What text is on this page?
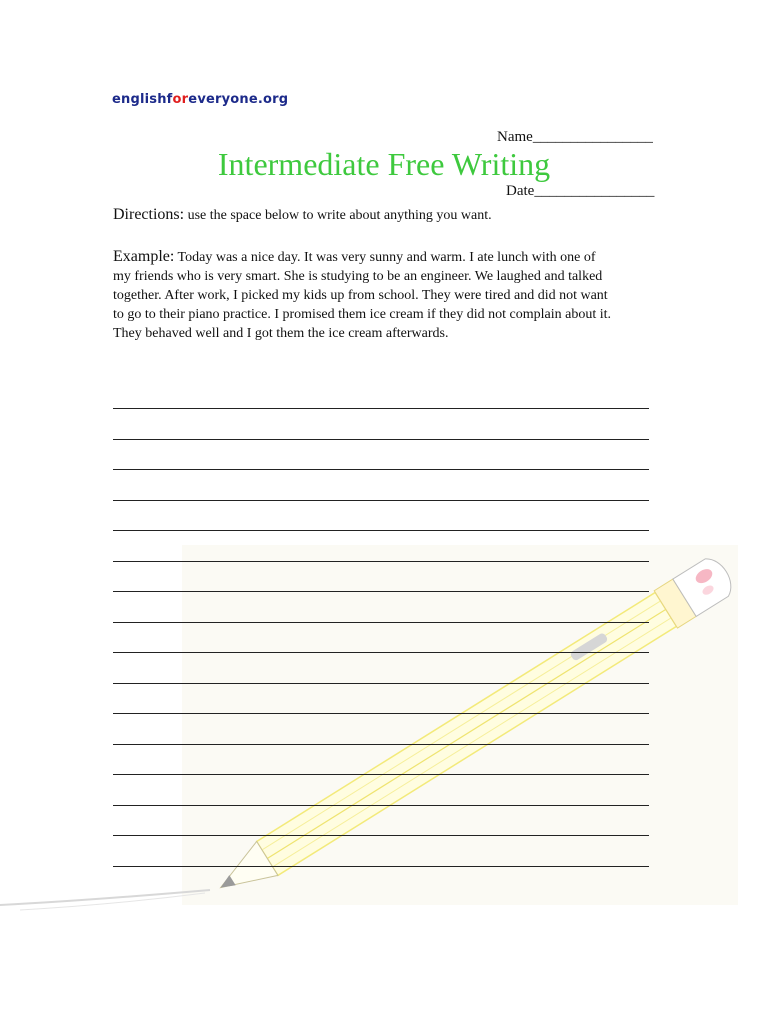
englishforeveryone.org

Name________________

Date________________

Intermediate Free Writing
Directions: use the space below to write about anything you want.
Example: Today was a nice day. It was very sunny and warm. I ate lunch with one of
my friends who is very smart. She is studying to be an engineer. We laughed and talked
together. After work, I picked my kids up from school. They were tired and did not want
to go to their piano practice. I promised them ice cream if they did not complain about it.
They behaved well and I got them the ice cream afterwards.
